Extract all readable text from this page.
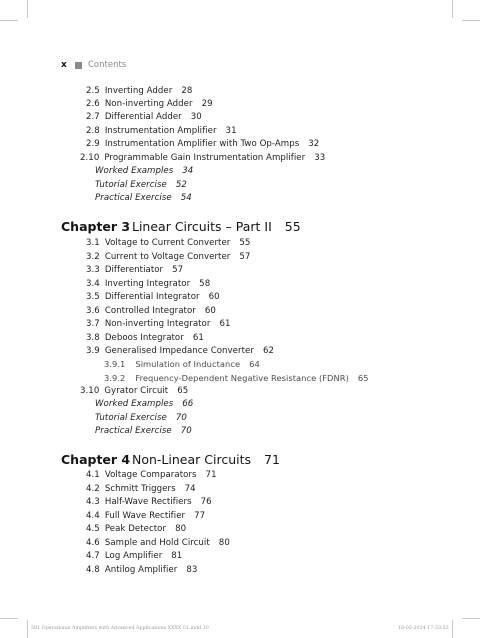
x	Contents
2.5 Inverting Adder 28
2.6 Non-inverting Adder 29
2.7 Differential Adder 30
2.8 Instrumentation Amplifier 31
2.9 Instrumentation Amplifier with Two Op-Amps 32
2.10 Programmable Gain Instrumentation Amplifier 33
Worked Examples 34
Tutorial Exercise 52
Practical Exercise 54
Chapter 3 Linear Circuits – Part II 55
3.1 Voltage to Current Converter 55
3.2 Current to Voltage Converter 57
3.3 Differentiator 57
3.4 Inverting Integrator 58
3.5 Differential Integrator 60
3.6 Controlled Integrator 60
3.7 Non-inverting Integrator 61
3.8 Deboos Integrator 61
3.9 Generalised Impedance Converter 62
3.9.1 Simulation of Inductance 64
3.9.2 Frequency-Dependent Negative Resistance (FDNR) 65
3.10 Gyrator Circuit 65
Worked Examples 66
Tutorial Exercise 70
Practical Exercise 70
Chapter 4 Non-Linear Circuits 71
4.1 Voltage Comparators 71
4.2 Schmitt Triggers 74
4.3 Half-Wave Rectifiers 76
4.4 Full Wave Rectifier 77
4.5 Peak Detector 80
4.6 Sample and Hold Circuit 80
4.7 Log Amplifier 81
4.8 Antilog Amplifier 83
501 Operational Amplifiers with Advanced Applications XXXX 01.indd 10	18-03-2024 17:33:53
